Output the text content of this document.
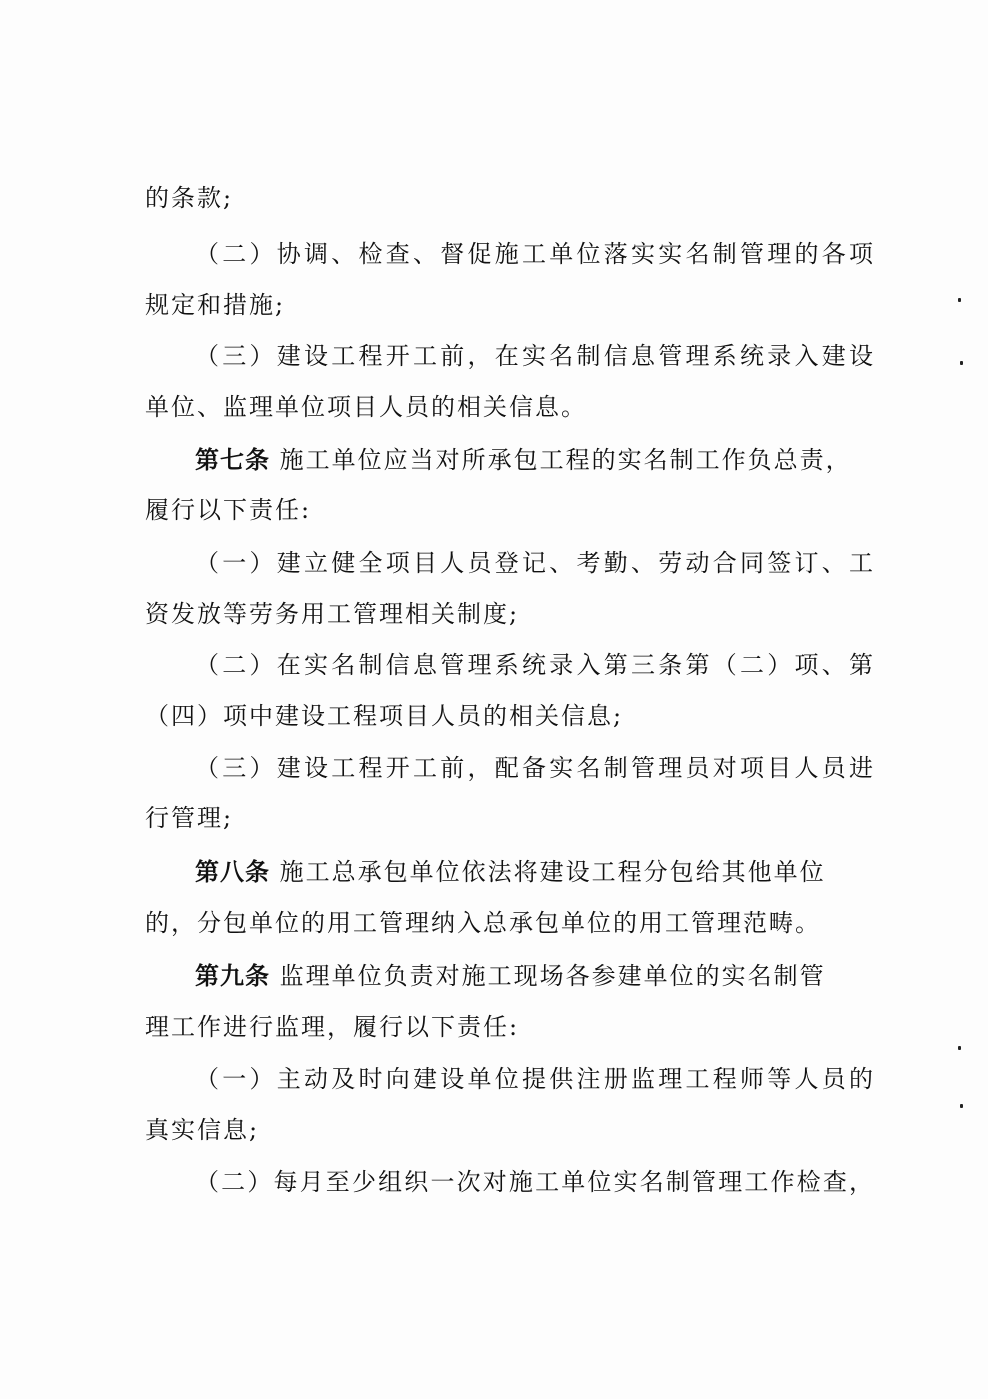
的条款;
（二）协调、检查、督促施工单位落实实名制管理的各项
规定和措施;
（三）建设工程开工前，在实名制信息管理系统录入建设
单位、监理单位项目人员的相关信息。
第七条 施工单位应当对所承包工程的实名制工作负总责，
履行以下责任:
（一）建立健全项目人员登记、考勤、劳动合同签订、工
资发放等劳务用工管理相关制度;
（二）在实名制信息管理系统录入第三条第（二）项、第
（四）项中建设工程项目人员的相关信息;
（三）建设工程开工前，配备实名制管理员对项目人员进
行管理;
第八条 施工总承包单位依法将建设工程分包给其他单位
的，分包单位的用工管理纳入总承包单位的用工管理范畴。
第九条 监理单位负责对施工现场各参建单位的实名制管
理工作进行监理，履行以下责任:
（一）主动及时向建设单位提供注册监理工程师等人员的
真实信息;
（二）每月至少组织一次对施工单位实名制管理工作检查，
